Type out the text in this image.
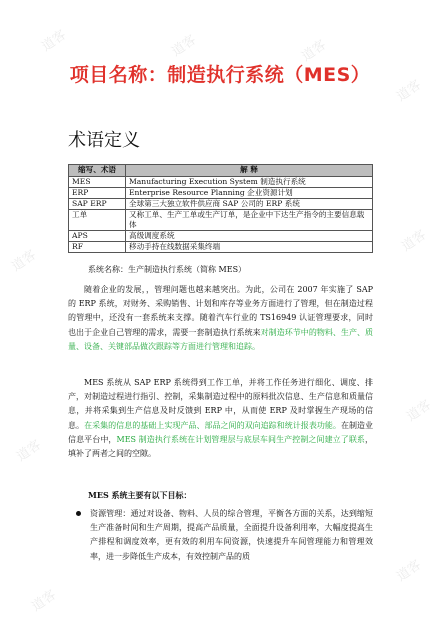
道客	道客	道客
道客
道客
道客
道客
道客
道客
道客
项目名称：制造执行系统（MES）
术语定义
缩写、术语	解 释
MES	Manufacturing Execution System 制造执行系统
ERP	Enterprise Resource Planning 企业资源计划
SAP ERP	全球第三大独立软件供应商 SAP 公司的 ERP 系统
工单	又称工单、生产工单或生产订单，是企业中下达生产指令的主要信息载体
APS	高级调度系统
RF	移动手持在线数据采集终端
系统名称：生产制造执行系统（简称 MES）

随着企业的发展，，管理问题也越来越突出。为此，公司在 2007 年实施了 SAP 的 ERP 系统，对财务、采购销售、计划和库存等业务方面进行了管理，但在制造过程的管理中，还没有一套系统来支撑。随着汽车行业的 TS16949 认证管理要求，同时也出于企业自己管理的需求，需要一套制造执行系统来对制造环节中的物料、生产、质量、设备、关键部品做次跟踪等方面进行管理和追踪。

MES 系统从 SAP ERP 系统得到工作工单，并将工作任务进行细化、调度、排产，对制造过程进行指引、控制，采集制造过程中的原料批次信息、生产信息和质量信息，并将采集到生产信息及时反馈到 ERP 中，从而使 ERP 及时掌握生产现场的信息。在采集的信息的基础上实现产品、部品之间的双向追踪和统计报表功能。在制造业信息平台中，MES 制造执行系统在计划管理层与底层车间生产控制之间建立了联系，填补了两者之间的空隙。

MES 系统主要有以下目标：

资源管理：通过对设备、物料、人员的综合管理，平衡各方面的关系，达到缩短生产准备时间和生产周期，提高产品质量，全面提升设备利用率，大幅度提高生产排程和调度效率，更有效的利用车间资源，快速提升车间管理能力和管理效率，进一步降低生产成本，有效控制产品的质
